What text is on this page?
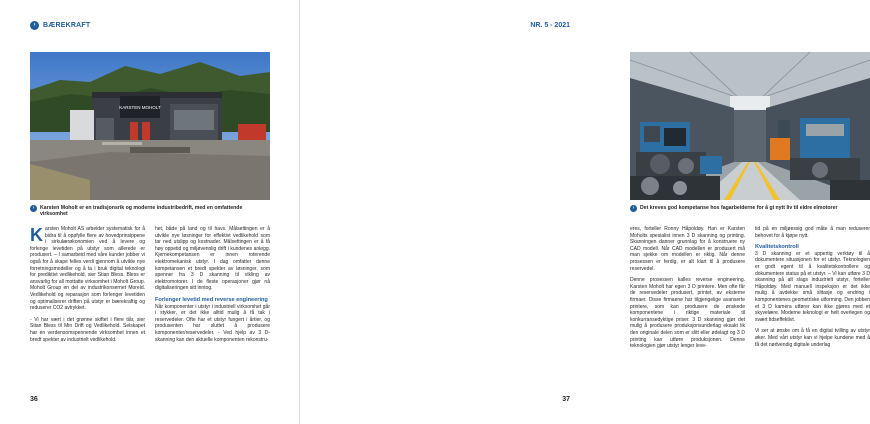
› BÆREKRAFT
KARSTEN MOHOLT
›	Karsten Moholt er en tradisjonsrik og moderne industribedrift, med en omfattende virksomhet

Karsten Moholt AS arbeider systematisk for å bidra til å oppfylle flere av hovedprinsippene i sirkulærøkonomien ved å levere og forlenge levetiden på utstyr som allerede er produsert. – I samarbeid med våre kunder jobber vi også for å skape felles verdi gjennom å utvikle nye forretningsmodeller og å ta i bruk digital teknologi for prediktivt vedlikehold, sier Stian Bless. Bless er ansvarlig for all mottatte virksomhet i Moholt Group. Moholt Group en del av industrikonsernet Moreld. Vedlikehold og reparasjon som forlenger levetiden og optimaliserer driften på utstyr er bærekraftig og reduserer CO2 avtrykket.

- Vi har vært i det grønne skiftet i flere tiår, sier Stian Bless til Min Drift og Vedlikehold. Selskapet har en verdensomspennende virksomhet innen et bredt spekter av industrielt vedlikehold.

het, både på land og til havs. Målsettingen er å utvikle nye løsninger for effektivt vedlikehold som tar ned utslipp og kostnader. Målsettingen er å få høy oppetid og miljøvennlig drift i kundenes anlegg. Kjernekompetansen er innen roterende elektromekanisk utstyr. I dag omfatter denne kompetansen et bredt spekter av løsninger, som spenner fra 3 D skanning til vikling av elektromotorer. I de fleste operasjoner gjør nå digitaliseringen sitt inntog.

Forlenger levetid med reverse engineering

Når komponenter i utstyr i industriell virksomhet går i stykker, er det ikke alltid mulig å få tak i reservedeler. Ofte har et utstyr fungert i årtier, og produsenten har sluttet å produsere komponenter/reservedeler. - Ved hjelp av 3 D-skanning kan den aktuelle komponenten rekonstru-

36
NR. 5 - 2021
›	Det kreves god kompetanse hos fagarbeiderne for å gi nytt liv til eldre elmotorer

eres, forteller Ronny Håpoldøy. Han er Karsten Moholts spesialist innen 3 D skanning og printing. Skanningen danner grunnlag for å konstruere ny CAD modell. Når CAD modellen er produsert må man sjekke om modellen er riktig. Når denne prosessen er ferdig, er alt klart til å produsere reservedel.

Denne prosessen kalles reverse engineering. Karsten Moholt har egen 3 D printere. Men ofte får de reservedeler produsert, printet, av eksterne firmaer. Disse firmaene har tilgjengelige avanserte printere, som kan produsere de ønskede komponentene i riktige materiale til konkurransedyktige priser. 3 D skanning gjør det mulig å produsere produksjonsunderlag eksakt lik den originale delen som er slitt eller ødelagt og 3 D printing kan utføre produksjonen. Denne teknologien gjør utstyr lenger leve-

tid på en miljøessig god måte å man reduserer behovet for å kjøpe nytt.

Kvalitetskontroll

3 D skanning er et uppertig verktøy til å dokumentere situasjonen for et utstyr. Teknologien er godt egent til å kvalitetskontrollere og dokumentere status på et utstyr. – Vi kan utføre 3 D skanning på alt slags industrielt utstyr, forteller Håpoldøy. Med manuell inspeksjon er det ikke mulig å avdekke små slitasje og endring i komponentenes geometriske utforming. Den jobben et 3 D kamera utfører kan ikke gjøres med et skyvelære. Moderne teknologi er helt overlegen og svært tidseffektivt.

Vi ser at ønske om å få en digital tvilling av utstyr øker. Med vårt utstyr kan vi hjelpe kundene med å få det nødvendig digitale underlag

37
